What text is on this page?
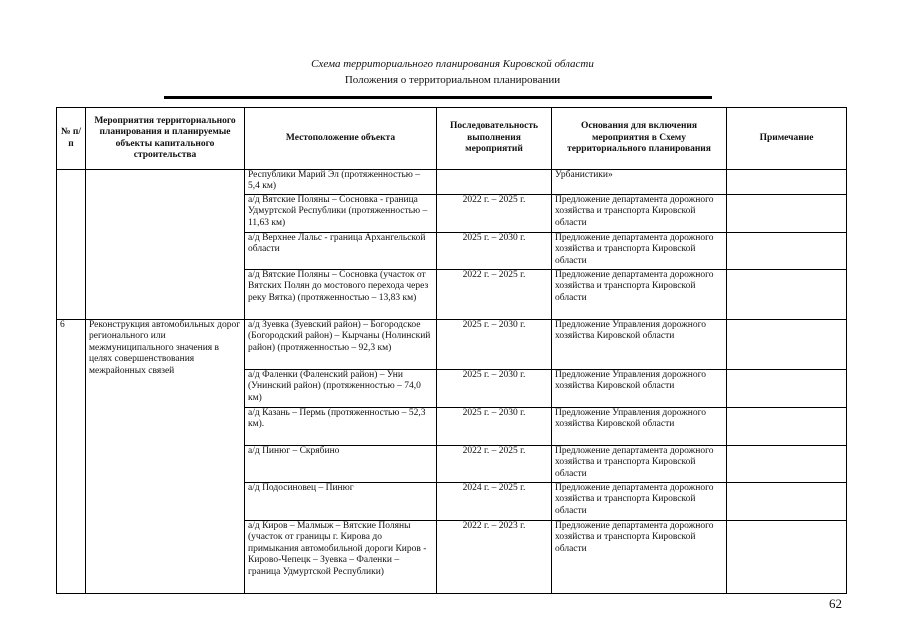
Схема территориального планирования Кировской области
Положения о территориальном планировании
№ п/п	Мероприятия территориального планирования и планируемые объекты капитального строительства	Местоположение объекта	Последовательность выполнения мероприятий	Основания для включения мероприятия в Схему территориального планирования	Примечание
		Республики Марий Эл (протяженностью – 5,4 км)		Урбанистики»	
		а/д Вятские Поляны – Сосновка - граница Удмуртской Республики (протяженностью – 11,63 км)	2022 г. – 2025 г.	Предложение департамента дорожного хозяйства и транспорта Кировской области	
		а/д Верхнее Лальс - граница Архангельской области	2025 г. – 2030 г.	Предложение департамента дорожного хозяйства и транспорта Кировской области	
		а/д Вятские Поляны – Сосновка (участок от Вятских Полян до мостового перехода через реку Вятка) (протяженностью – 13,83 км)	2022 г. – 2025 г.	Предложение департамента дорожного хозяйства и транспорта Кировской области	
6	Реконструкция автомобильных дорог регионального или межмуниципального значения в целях совершенствования межрайонных связей	а/д Зуевка (Зуевский район) – Богородское (Богородский район) – Кырчаны (Нолинский район) (протяженностью – 92,3 км)	2025 г. – 2030 г.	Предложение Управления дорожного хозяйства Кировской области	
		а/д Фаленки (Фаленский район) – Уни (Унинский район) (протяженностью – 74,0 км)	2025 г. – 2030 г.	Предложение Управления дорожного хозяйства Кировской области	
		а/д Казань – Пермь (протяженностью – 52,3 км).	2025 г. – 2030 г.	Предложение Управления дорожного хозяйства Кировской области	
		а/д Пинюг – Скрябино	2022 г. – 2025 г.	Предложение департамента дорожного хозяйства и транспорта Кировской области	
		а/д Подосиновец – Пинюг	2024 г. – 2025 г.	Предложение департамента дорожного хозяйства и транспорта Кировской области	
		а/д Киров – Малмыж – Вятские Поляны (участок от границы г. Кирова до примыкания автомобильной дороги Киров - Кирово-Чепецк – Зуевка – Фаленки – граница Удмуртской Республики)	2022 г. – 2023 г.	Предложение департамента дорожного хозяйства и транспорта Кировской области	
62
